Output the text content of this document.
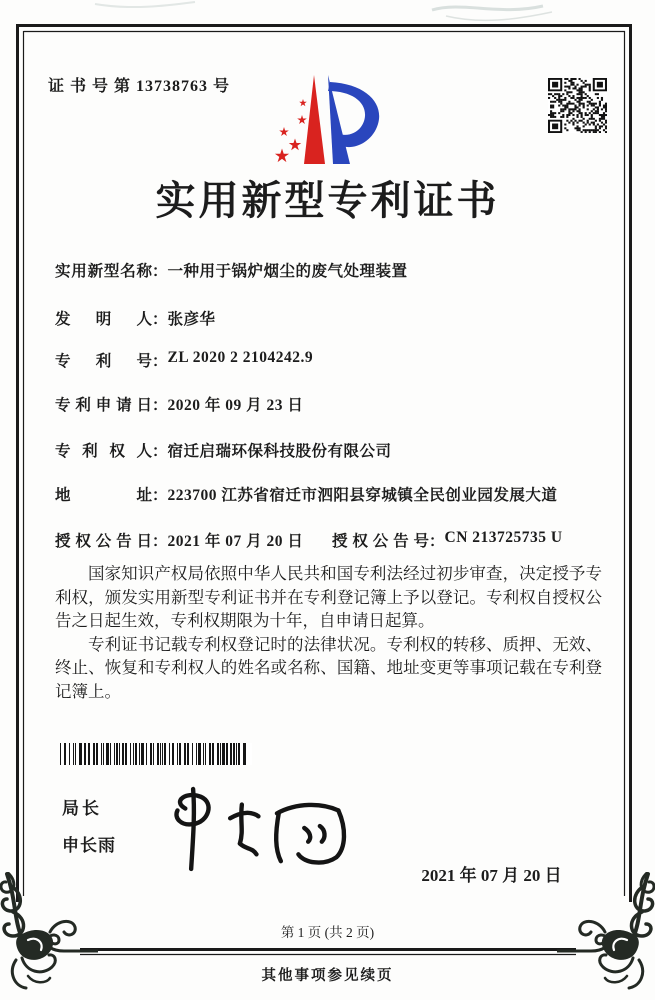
证 书 号 第 13738763 号
实用新型专利证书
实用新型名称：一种用于锅炉烟尘的废气处理装置
发明人：张彦华
专利号：ZL 2020 2 2104242.9
专利申请日：2020 年 09 月 23 日
专利权人：宿迁启瑞环保科技股份有限公司
地址：223700 江苏省宿迁市泗阳县穿城镇全民创业园发展大道
授权公告日：2021 年 07 月 20 日 授权公告号：CN 213725735 U

国家知识产权局依照中华人民共和国专利法经过初步审查，决定授予专利权，颁发实用新型专利证书并在专利登记簿上予以登记。专利权自授权公告之日起生效，专利权期限为十年，自申请日起算。

专利证书记载专利权登记时的法律状况。专利权的转移、质押、无效、终止、恢复和专利权人的姓名或名称、国籍、地址变更等事项记载在专利登记簿上。

局长
申长雨
2021 年 07 月 20 日
第 1 页 (共 2 页)
其他事项参见续页
